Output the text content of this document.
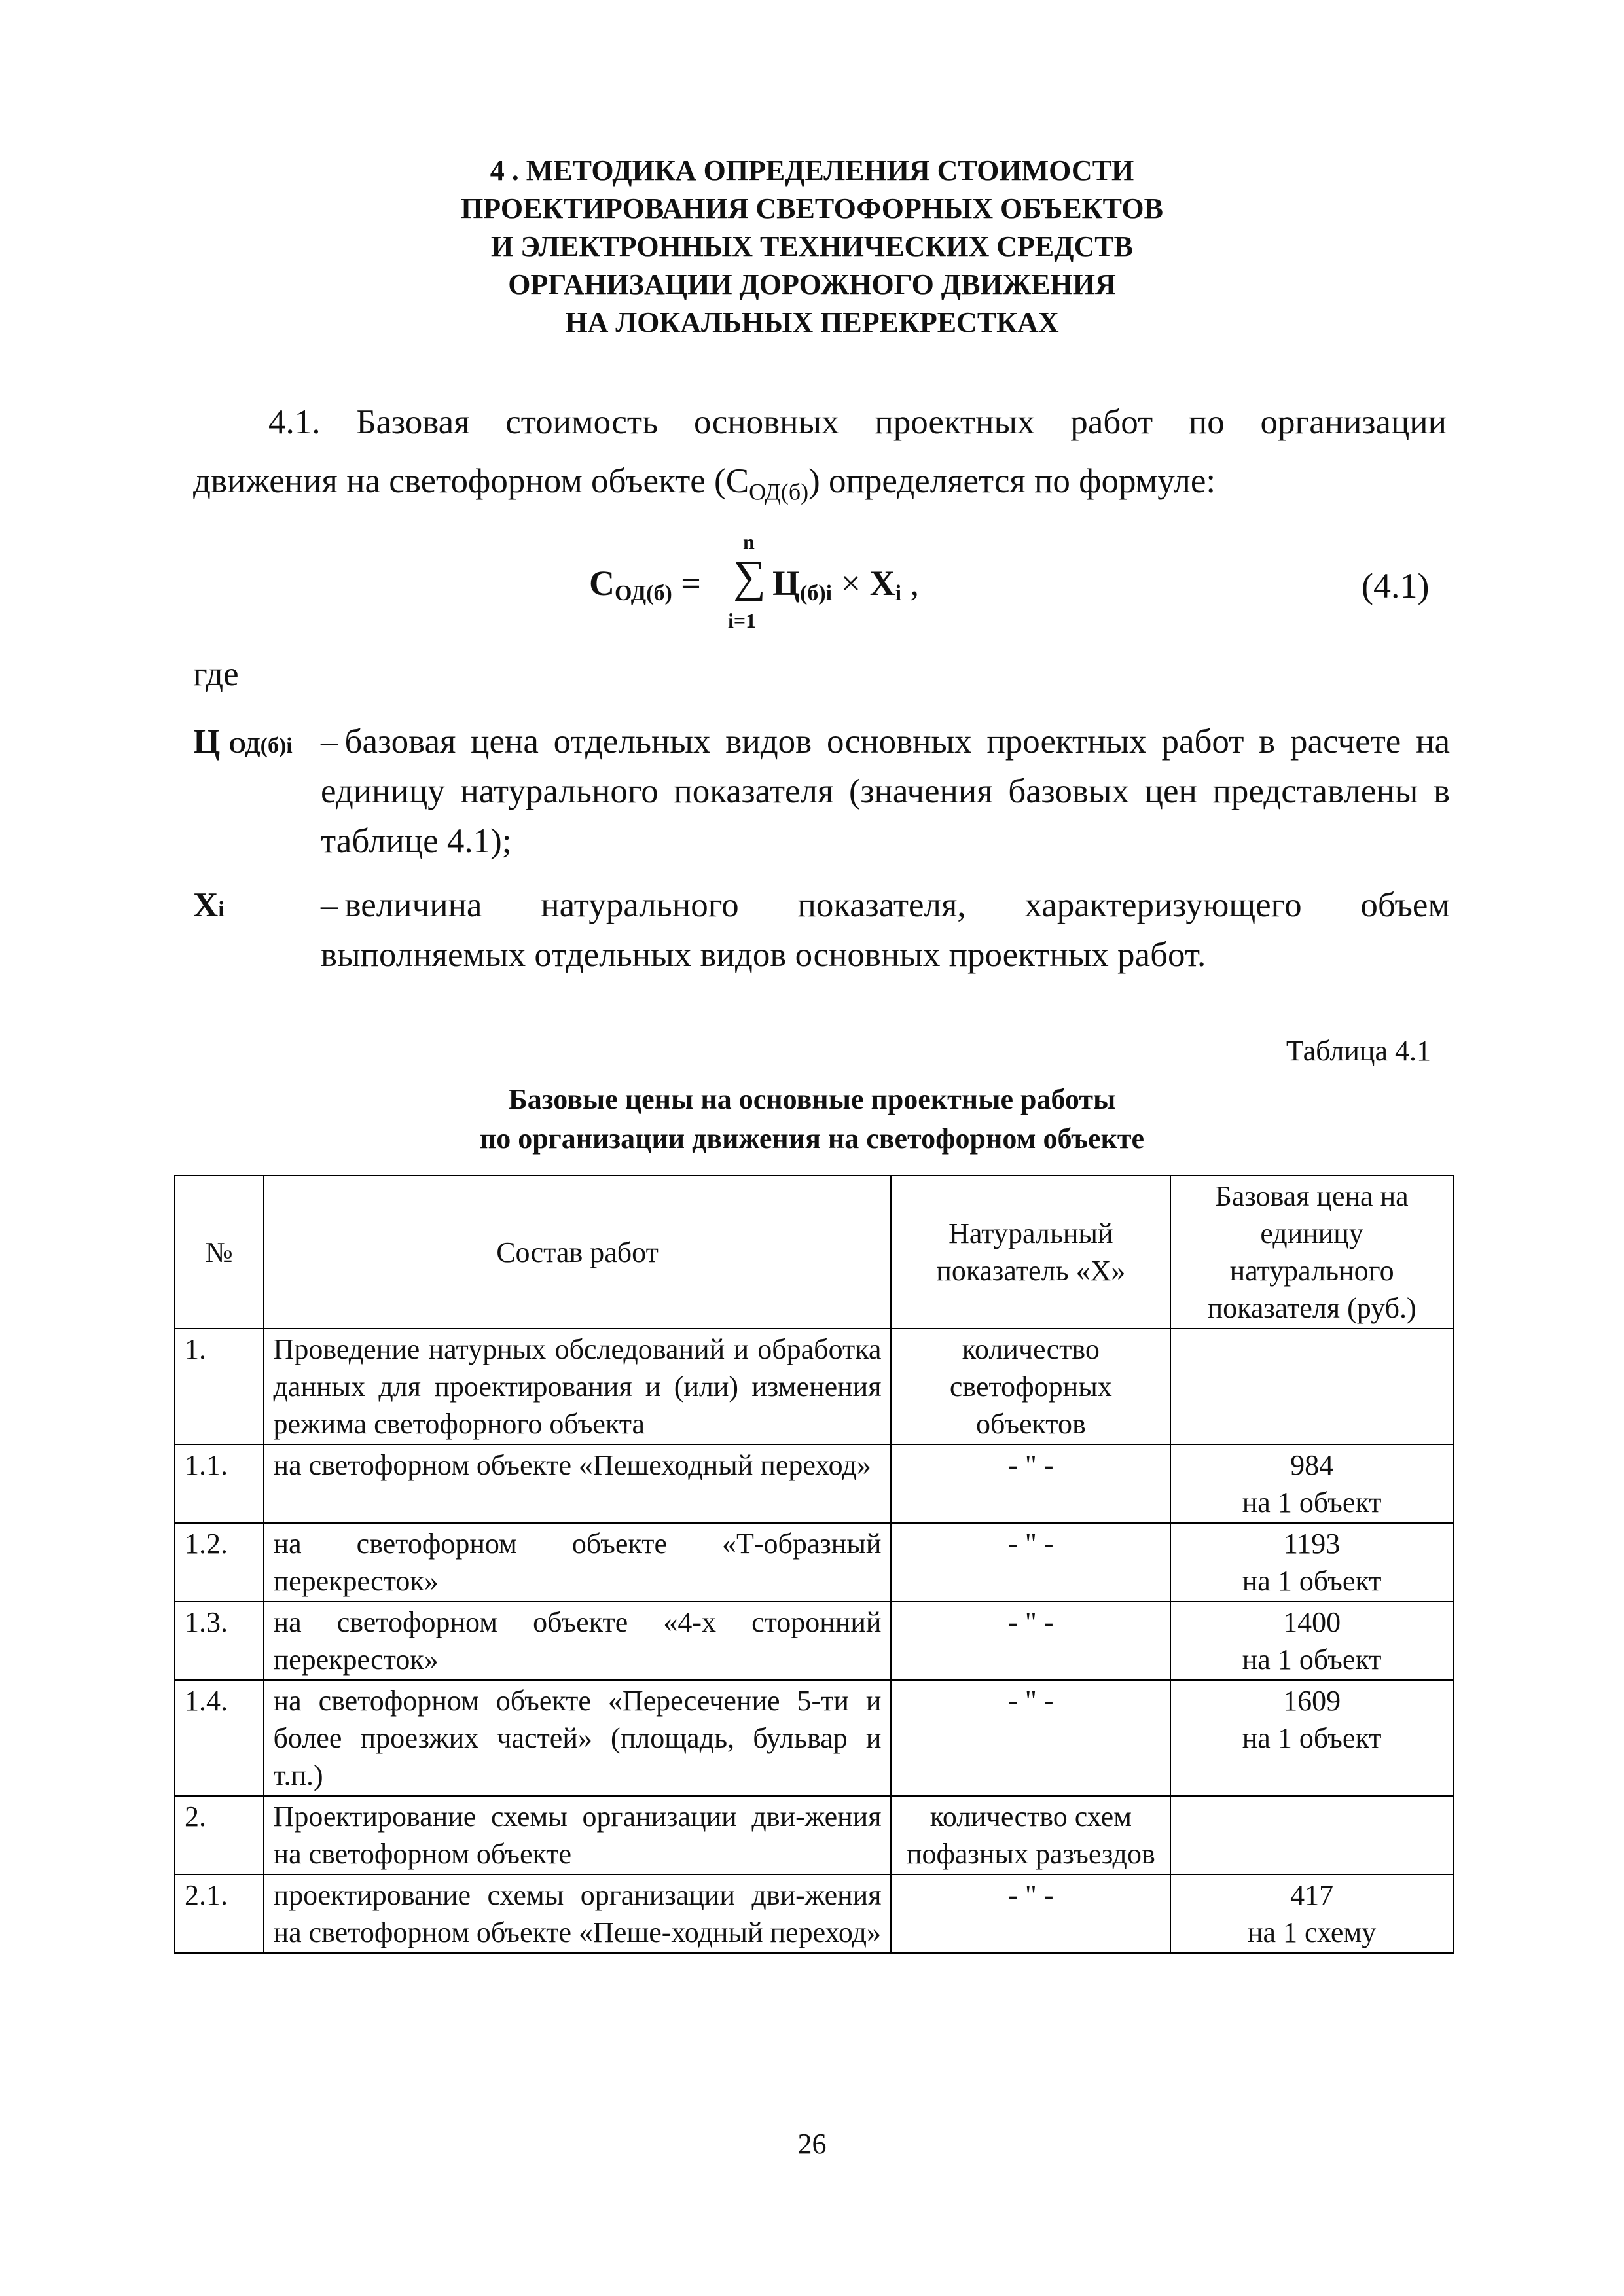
4 . МЕТОДИКА ОПРЕДЕЛЕНИЯ СТОИМОСТИ
ПРОЕКТИРОВАНИЯ СВЕТОФОРНЫХ ОБЪЕКТОВ
И ЭЛЕКТРОННЫХ ТЕХНИЧЕСКИХ СРЕДСТВ
ОРГАНИЗАЦИИ ДОРОЖНОГО ДВИЖЕНИЯ
НА ЛОКАЛЬНЫХ ПЕРЕКРЕСТКАХ
4.1. Базовая стоимость основных проектных работ по организации
движения на светофорном объекте $(С_{ОД(б)})$ определяется по формуле:
$С_{ОД(б)}$ =
n
∑
i=1
$Ц_{(б)i} \times X_i$ ,	(4.1)
где
Ц ОД(б)i – базовая цена отдельных видов основных проектных работ в расчете на единицу натурального показателя (значения базовых цен представлены в таблице 4.1);
Xi	– величина натурального показателя, характеризующего объем выполняемых отдельных видов основных проектных работ.
Таблица 4.1
Базовые цены на основные проектные работы
по организации движения на светофорном объекте
№	Состав работ	Натуральный показатель «X»	Базовая цена на единицу натурального показателя (руб.)
1.	Проведение натурных обследований и обработка данных для проектирования и (или) изменения режима светофорного объекта	количество светофорных объектов	

1.1.	на светофорном объекте «Пешеходный переход»	- " -	984
на 1 объект

1.2.	на светофорном объекте «Т-образный перекресток»	- " -	1193
на 1 объект

1.3.	на светофорном объекте «4-х сторонний перекресток»	- " -	1400
на 1 объект

1.4.	на светофорном объекте «Пересечение 5-ти и более проезжих частей» (площадь, бульвар и т.п.)	- " -	1609
на 1 объект

2.	Проектирование схемы организации дви-жения на светофорном объекте	количество схем пофазных разъездов	

2.1.	проектирование схемы организации дви-жения на светофорном объекте «Пеше-ходный переход»	- " -	417
на 1 схему
26
